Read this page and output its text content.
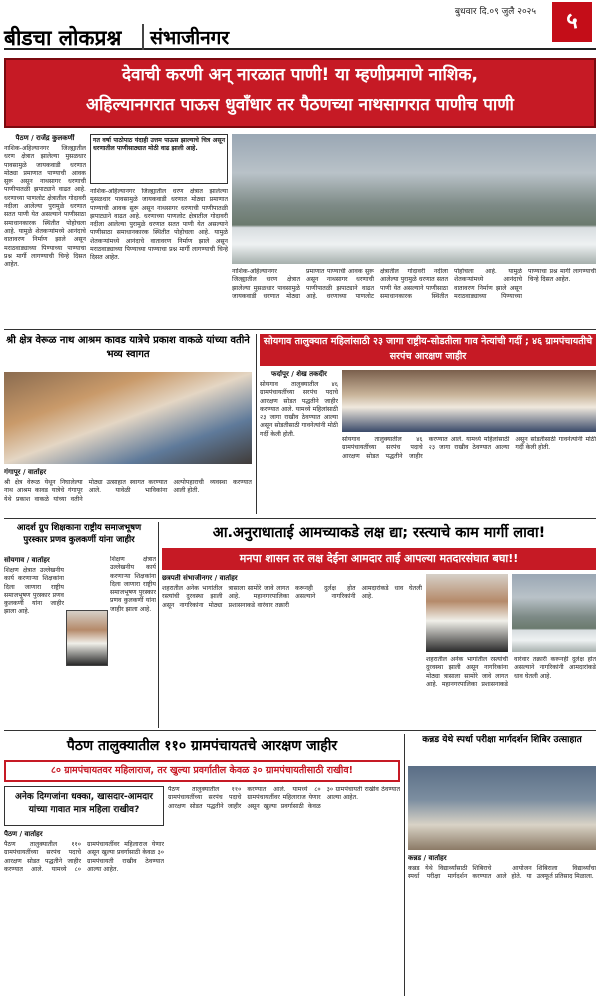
बीडचा लोकप्रश्न	संभाजीनगर
बुधवार दि.०९ जुलै २०२५	५
देवाची करणी अन् नारळात पाणी! या म्हणीप्रमाणे नाशिक,
अहिल्यानगरात पाऊस धुवाँधार तर पैठणच्या नाथसागरात पाणीच पाणी
पैठण / राजेंद्र कुलकर्णी
नाशिक-अहिल्यानगर जिल्ह्यातील धरण क्षेत्रात झालेल्या मुसळधार पावसामुळे जायकवाडी धरणात मोठ्या प्रमाणात पाण्याची आवक सुरू असून नाथसागर धरणाची पाणीपातळी झपाट्याने वाढत आहे. धरणाच्या पाणलोट क्षेत्रातील गोदावरी नदीला आलेल्या पुरामुळे धरणात सतत पाणी येत असल्याने पाणीसाठा समाधानकारक स्थितीत पोहोचला आहे. यामुळे शेतकऱ्यांमध्ये आनंदाचे वातावरण निर्माण झाले असून मराठवाड्याच्या पिण्याच्या पाण्याचा प्रश्न मार्गी लागण्याची चिन्हे दिसत आहेत.
गत वर्षा पाठोपाठ यंदाही उत्तम पाऊस झाल्याचे चित्र असून धरणातील पाणीसाठ्यात मोठी वाढ झाली आहे.
नाशिक-अहिल्यानगर जिल्ह्यातील धरण क्षेत्रात झालेल्या मुसळधार पावसामुळे जायकवाडी धरणात मोठ्या प्रमाणात पाण्याची आवक सुरू असून नाथसागर धरणाची पाणीपातळी झपाट्याने वाढत आहे. धरणाच्या पाणलोट क्षेत्रातील गोदावरी नदीला आलेल्या पुरामुळे धरणात सतत पाणी येत असल्याने पाणीसाठा समाधानकारक स्थितीत पोहोचला आहे. यामुळे शेतकऱ्यांमध्ये आनंदाचे वातावरण निर्माण झाले असून मराठवाड्याच्या पिण्याच्या पाण्याचा प्रश्न मार्गी लागण्याची चिन्हे दिसत आहेत.
नाशिक-अहिल्यानगर जिल्ह्यातील धरण क्षेत्रात झालेल्या मुसळधार पावसामुळे जायकवाडी धरणात मोठ्या प्रमाणात पाण्याची आवक सुरू असून नाथसागर धरणाची पाणीपातळी झपाट्याने वाढत आहे. धरणाच्या पाणलोट क्षेत्रातील गोदावरी नदीला आलेल्या पुरामुळे धरणात सतत पाणी येत असल्याने पाणीसाठा समाधानकारक स्थितीत पोहोचला आहे. यामुळे शेतकऱ्यांमध्ये आनंदाचे वातावरण निर्माण झाले असून मराठवाड्याच्या पिण्याच्या पाण्याचा प्रश्न मार्गी लागण्याची चिन्हे दिसत आहेत.
श्री क्षेत्र वेरूळ नाथ आश्रम कावड यात्रेचे प्रकाश वाकळे यांच्या वतीने भव्य स्वागत
गंगापूर / वार्ताहर
श्री क्षेत्र वेरूळ येथून निघालेल्या नाथ आश्रम कावड यात्रेचे गंगापूर येथे प्रकाश वाकळे यांच्या वतीने मोठ्या उत्साहात स्वागत करण्यात आले. यावेळी भाविकांना अल्पोपहाराची व्यवस्था करण्यात आली होती.
सोयगाव तालुक्यात महिलांसाठी २३ जागा राष्ट्रीय-सोडतीला गाव नेत्यांची गर्दी ; ४६ ग्रामपंचायतीचे सरपंच आरक्षण जाहीर
फर्दापूर / शेख तकदीर
सोयगाव तालुक्यातील ४६ ग्रामपंचायतींच्या सरपंच पदाचे आरक्षण सोडत पद्धतीने जाहीर करण्यात आले. यामध्ये महिलांसाठी २३ जागा राखीव ठेवण्यात आल्या असून सोडतीसाठी गावनेत्यांनी मोठी गर्दी केली होती.
सोयगाव तालुक्यातील ४६ ग्रामपंचायतींच्या सरपंच पदाचे आरक्षण सोडत पद्धतीने जाहीर करण्यात आले. यामध्ये महिलांसाठी २३ जागा राखीव ठेवण्यात आल्या असून सोडतीसाठी गावनेत्यांनी मोठी गर्दी केली होती.
आदर्श ग्रुप शिक्षकाना राष्ट्रीय समाजभूषण पुरस्कार प्रणव कुलकर्णी यांना जाहीर
सोयगाव / वार्ताहर
शिक्षण क्षेत्रात उल्लेखनीय कार्य करणाऱ्या शिक्षकांना दिला जाणारा राष्ट्रीय समाजभूषण पुरस्कार प्रणव कुलकर्णी यांना जाहीर झाला आहे.
शिक्षण क्षेत्रात उल्लेखनीय कार्य करणाऱ्या शिक्षकांना दिला जाणारा राष्ट्रीय समाजभूषण पुरस्कार प्रणव कुलकर्णी यांना जाहीर झाला आहे.
आ.अनुराधाताई आमच्याकडे लक्ष द्या; रस्त्याचे काम मार्गी लावा!
मनपा शासन तर लक्ष देईना आमदार ताई आपल्या मतदारसंघात बघा!!
छत्रपती संभाजीनगर / वार्ताहर
शहरातील अनेक भागांतील रस्त्यांची दुरवस्था झाली असून नागरिकांना मोठ्या त्रासाला सामोरे जावे लागत आहे. महानगरपालिका प्रशासनाकडे वारंवार तक्रारी करूनही दुर्लक्ष होत असल्याने नागरिकांनी आमदारांकडे धाव घेतली आहे.
शहरातील अनेक भागांतील रस्त्यांची दुरवस्था झाली असून नागरिकांना मोठ्या त्रासाला सामोरे जावे लागत आहे. महानगरपालिका प्रशासनाकडे वारंवार तक्रारी करूनही दुर्लक्ष होत असल्याने नागरिकांनी आमदारांकडे धाव घेतली आहे.
पैठण तालुक्यातील ११० ग्रामपंचायतचे आरक्षण जाहीर
८० ग्रामपंचायतवर महिलाराज, तर खुल्या प्रवर्गातील केवळ ३० ग्रामपंचायतीसाठी राखीव!
अनेक दिग्गजांना धक्का, खासदार-आमदार यांच्या गावात मात्र महिला राखीव?
पैठण / वार्ताहर
पैठण तालुक्यातील ११० ग्रामपंचायतींच्या सरपंच पदाचे आरक्षण सोडत पद्धतीने जाहीर करण्यात आले. यामध्ये ८० ग्रामपंचायतींवर महिलाराज येणार असून खुल्या प्रवर्गासाठी केवळ ३० ग्रामपंचायती राखीव ठेवण्यात आल्या आहेत.
पैठण तालुक्यातील ११० ग्रामपंचायतींच्या सरपंच पदाचे आरक्षण सोडत पद्धतीने जाहीर करण्यात आले. यामध्ये ८० ग्रामपंचायतींवर महिलाराज येणार असून खुल्या प्रवर्गासाठी केवळ ३० ग्रामपंचायती राखीव ठेवण्यात आल्या आहेत.
कन्नड येथे स्पर्धा परीक्षा मार्गदर्शन शिबिर उत्साहात
कन्नड / वार्ताहर
कन्नड येथे विद्यार्थ्यांसाठी स्पर्धा परीक्षा मार्गदर्शन शिबिराचे आयोजन करण्यात आले होते. या शिबिराला विद्यार्थ्यांचा उत्स्फूर्त प्रतिसाद मिळाला.
